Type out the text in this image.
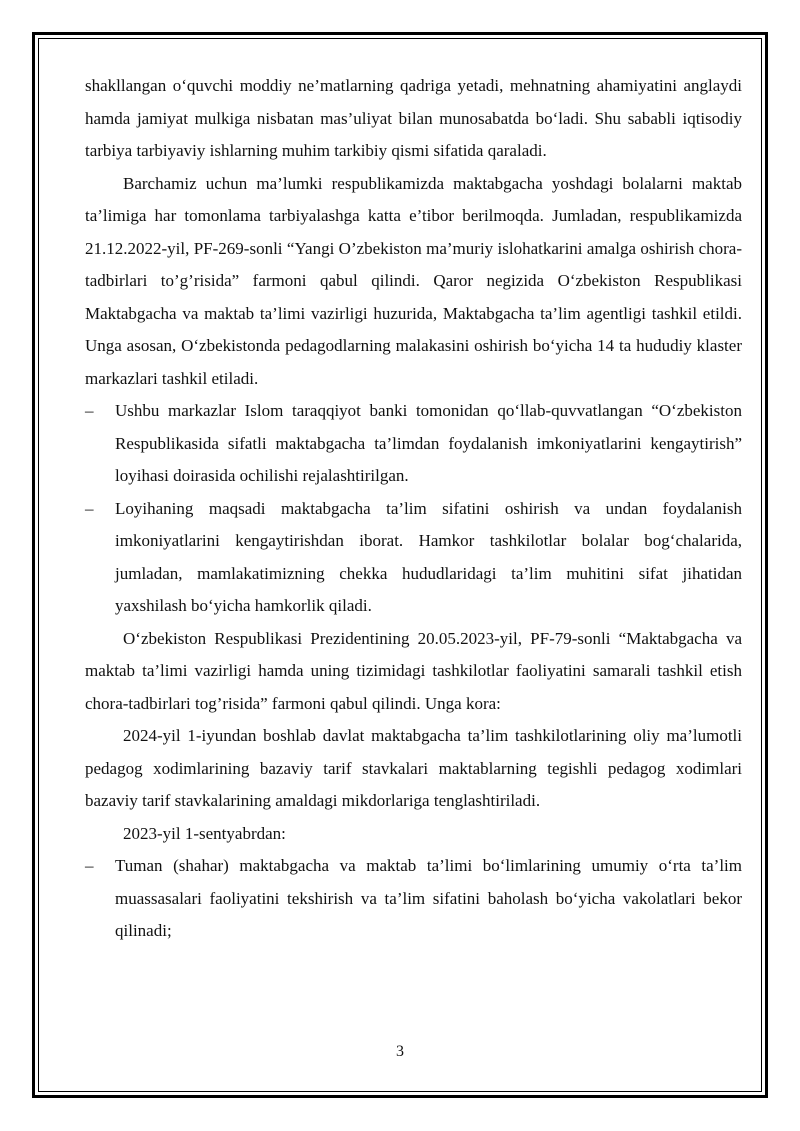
shakllangan o‘quvchi moddiy ne’matlarning qadriga yetadi, mehnatning ahamiyatini anglaydi hamda jamiyat mulkiga nisbatan mas’uliyat bilan munosabatda bo‘ladi. Shu sababli iqtisodiy tarbiya tarbiyaviy ishlarning muhim tarkibiy qismi sifatida qaraladi.

Barchamiz uchun ma’lumki respublikamizda maktabgacha yoshdagi bolalarni maktab ta’limiga har tomonlama tarbiyalashga katta e’tibor berilmoqda. Jumladan, respublikamizda 21.12.2022-yil, PF-269-sonli “Yangi O’zbekiston ma’muriy islohatkarini amalga oshirish chora-tadbirlari to’g’risida” farmoni qabul qilindi. Qaror negizida O‘zbekiston Respublikasi Maktabgacha va maktab ta’limi vazirligi huzurida, Maktabgacha ta’lim agentligi tashkil etildi. Unga asosan, O‘zbekistonda pedagodlarning malakasini oshirish bo‘yicha 14 ta hududiy klaster markazlari tashkil etiladi.

– Ushbu markazlar Islom taraqqiyot banki tomonidan qo‘llab-quvvatlangan “O‘zbekiston Respublikasida sifatli maktabgacha ta’limdan foydalanish imkoniyatlarini kengaytirish” loyihasi doirasida ochilishi rejalashtirilgan.

– Loyihaning maqsadi maktabgacha ta’lim sifatini oshirish va undan foydalanish imkoniyatlarini kengaytirishdan iborat. Hamkor tashkilotlar bolalar bog‘chalarida, jumladan, mamlakatimizning chekka hududlaridagi ta’lim muhitini sifat jihatidan yaxshilash bo‘yicha hamkorlik qiladi.

O‘zbekiston Respublikasi Prezidentining 20.05.2023-yil, PF-79-sonli “Maktabgacha va maktab ta’limi vazirligi hamda uning tizimidagi tashkilotlar faoliyatini samarali tashkil etish chora-tadbirlari tog’risida” farmoni qabul qilindi. Unga kora:

2024-yil 1-iyundan boshlab davlat maktabgacha ta’lim tashkilotlarining oliy ma’lumotli pedagog xodimlarining bazaviy tarif stavkalari maktablarning tegishli pedagog xodimlari bazaviy tarif stavkalarining amaldagi mikdorlariga tenglashtiriladi.

2023-yil 1-sentyabrdan:

– Tuman (shahar) maktabgacha va maktab ta’limi bo‘limlarining umumiy o‘rta ta’lim muassasalari faoliyatini tekshirish va ta’lim sifatini baholash bo‘yicha vakolatlari bekor qilinadi;

3
